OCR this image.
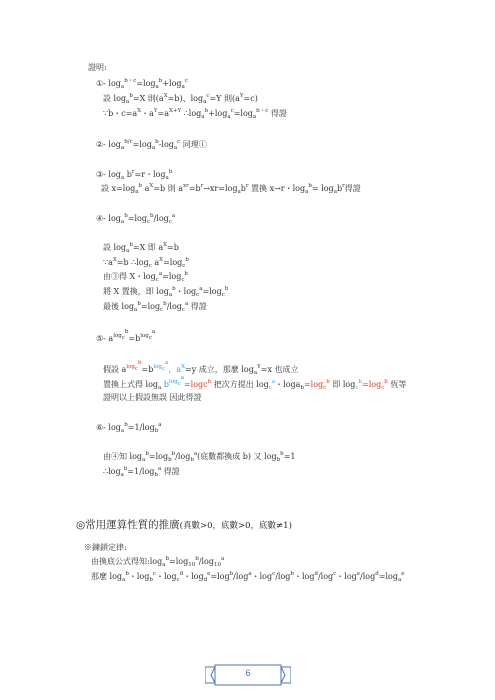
證明:
①- $\log_a^{b・c}=\log_a^b+\log_a^c$
設 $\log_a^b=X$ 則$(a^X=b)$、$\log_a^c=Y$ 則$(a^Y=c)$
∵b・$c=a^X$・$a^Y=a^{X+Y}$ $\therefore\log_a^b+\log_a^c=\log_a^{b・c}$ 得證
②- $\log_a^{b/c}=\log_a^b-\log_a^c$ 同理①
③- $\log_a b^r=r$・$\log_a^b$
設 $x=\log_a^b$ $a^X=b$ 則 $a^{xr}=b^r\to xr=\log_ab^r$ 置換 x→r・$\log_a^b= \log_ab^r$得證
④- $\log_a^b=\log_c^b/\log_c^a$
設 $\log_a^b=X$ 即 $a^X=b$
$\because a^X=b$ $\therefore\log_c$ $a^X=\log_c^b$
由③得 X・$\log_c^a=\log_c^b$
將 X 置換，即 $\log_a^b$・$\log_c^a=\log_c^b$
最後 $\log_a^b=\log_c^b/\log_c^a$ 得證
⑤- $a^{log_c^b}=b^{log_c^a}$
假設 $a^{log_c^b}=b^{log_c^a}$，$a^X=y$ 成立，那麼 $\log_a^Y=x$ 也成立
置換上式得 $\log_a b^{log_c^a}=\log c^b$ 把次方提出 $\log_c^a$・$\log a_b=\log_c^b$ 即 $\log_c^b=\log_c^b$ 恆等
證明以上假設無誤 因此得證
⑥- $\log_a^b=1/\log_b^a$
由④知 $\log_a^b=\log_b^b/\log_b^a$(底數都換成 b) 又 $\log_b^b=1$
$\therefore\log_a^b=1/\log_b^a$ 得證
◎常用運算性質的推廣(真數>0，底數>0，底數≠1)
※鍊鎖定律:
由換底公式得知$:\log_a^b=\log_{10}^b/\log_{10}^a$
那麼 $\log_a^b$・$\log_b^c$・$\log_c^d$・$\log_d^e=\log^b/\log^a$・$\log^c/\log^b$・$\log^d/\log^c$・$\log^e/\log^d=\log_a^e$
6
